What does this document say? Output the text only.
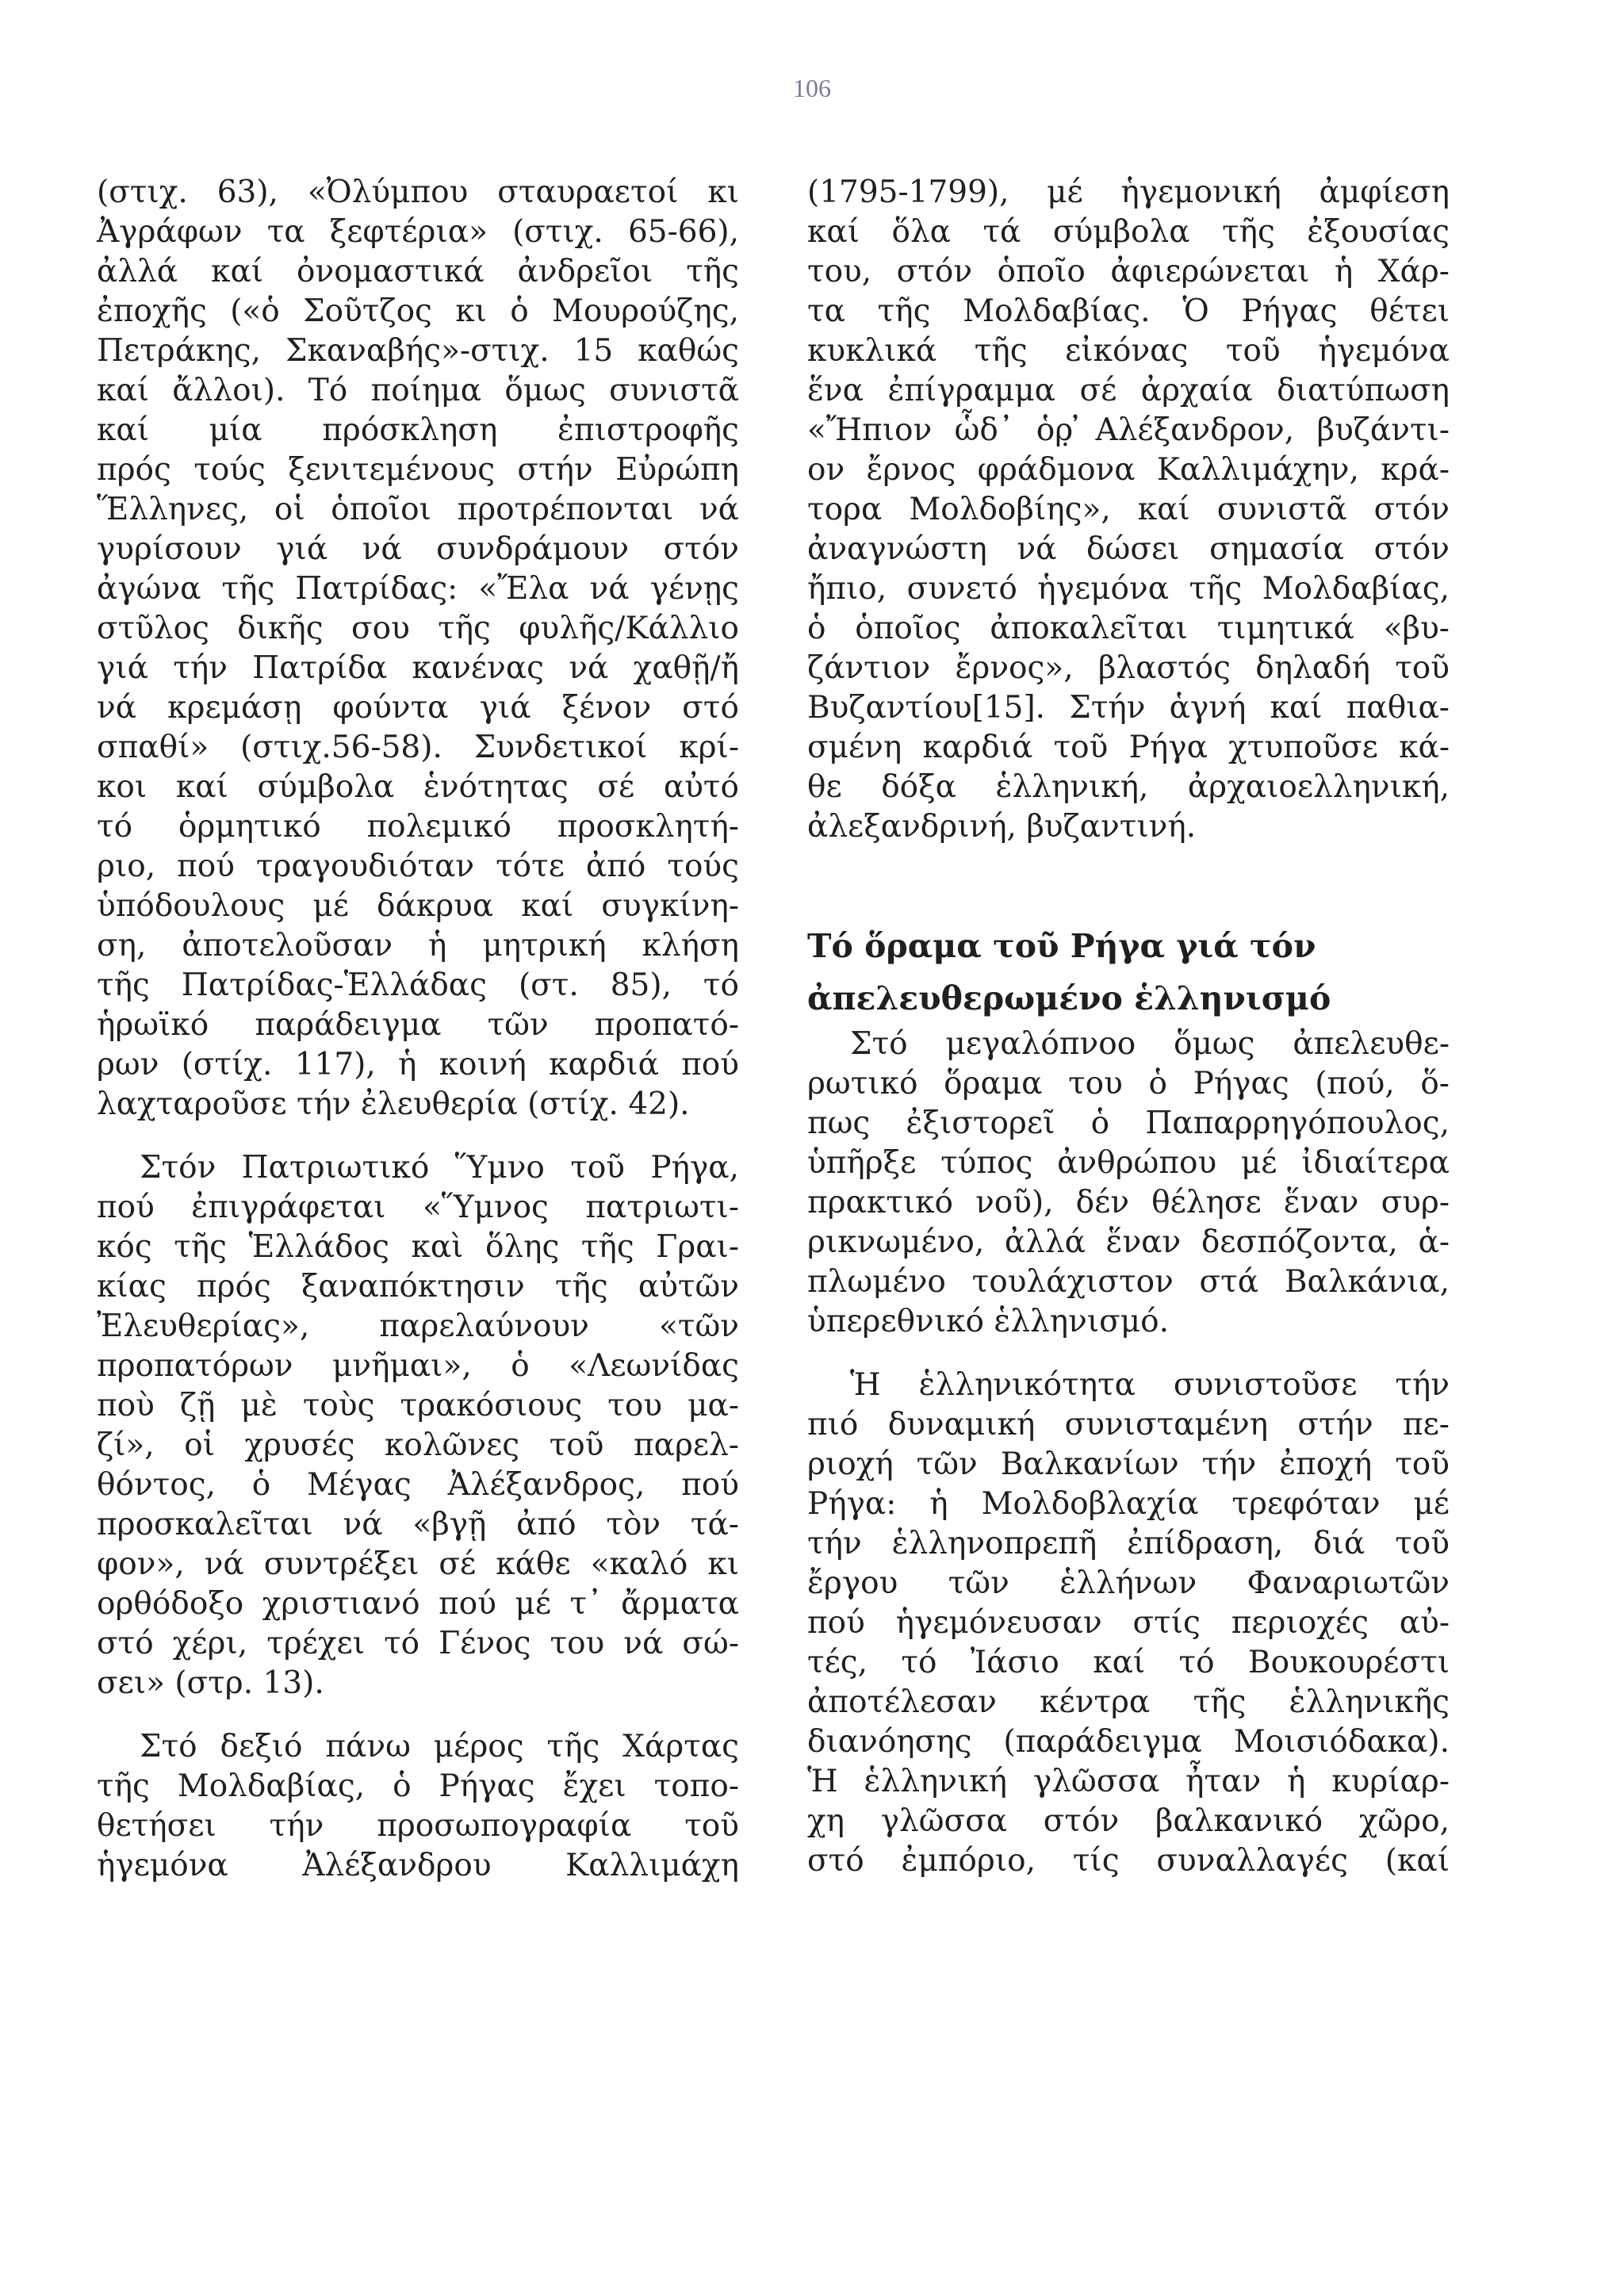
106
(στιχ. 63), «Ὀλύμπου σταυραετοί κι
Ἀγράφων τα ξεφτέρια» (στιχ. 65-66),
ἀλλά καί ὀνομαστικά ἀνδρεῖοι τῆς
ἐποχῆς («ὁ Σοῦτζος κι ὁ Μουρούζης,
Πετράκης, Σκαναβής»-στιχ. 15 καθώς
καί ἄλλοι). Τό ποίημα ὅμως συνιστᾶ
καί μία πρόσκληση ἐπιστροφῆς
πρός τούς ξενιτεμένους στήν Εὐρώπη
Ἕλληνες, οἱ ὁποῖοι προτρέπονται νά
γυρίσουν γιά νά συνδράμουν στόν
ἀγώνα τῆς Πατρίδας: «Ἔλα νά γένῃς
στῦλος δικῆς σου τῆς φυλῆς/Κάλλιο
γιά τήν Πατρίδα κανένας νά χαθῇ/ἤ
νά κρεμάσῃ φούντα γιά ξένον στό
σπαθί» (στιχ.56-58). Συνδετικοί κρί-
κοι καί σύμβολα ἑνότητας σέ αὐτό
τό ὁρμητικό πολεμικό προσκλητή-
ριο, πού τραγουδιόταν τότε ἀπό τούς
ὑπόδουλους μέ δάκρυα καί συγκίνη-
ση, ἀποτελοῦσαν ἡ μητρική κλήση
τῆς Πατρίδας-Ἑλλάδας (στ. 85), τό
ἡρωϊκό παράδειγμα τῶν προπατό-
ρων (στίχ. 117), ἡ κοινή καρδιά πού
λαχταροῦσε τήν ἐλευθερία (στίχ. 42).
Στόν Πατριωτικό Ὕμνο τοῦ Ρήγα,
πού ἐπιγράφεται «Ὕμνος πατριωτι-
κός τῆς Ἑλλάδος καὶ ὅλης τῆς Γραι-
κίας πρός ξαναπόκτησιν τῆς αὐτῶν
Ἐλευθερίας», παρελαύνουν «τῶν
προπατόρων μνῆμαι», ὁ «Λεωνίδας
ποὺ ζῇ μὲ τοὺς τρακόσιους του μα-
ζί», οἱ χρυσές κολῶνες τοῦ παρελ-
θόντος, ὁ Μέγας Ἀλέξανδρος, πού
προσκαλεῖται νά «βγῇ ἀπό τὸν τά-
φον», νά συντρέξει σέ κάθε «καλό κι
ορθόδοξο χριστιανό πού μέ τ᾽ ἄρματα
στό χέρι, τρέχει τό Γένος του νά σώ-
σει» (στρ. 13).
Στό δεξιό πάνω μέρος τῆς Χάρτας
τῆς Μολδαβίας, ὁ Ρήγας ἔχει τοπο-
θετήσει τήν προσωπογραφία τοῦ
ἡγεμόνα Ἀλέξανδρου Καλλιμάχη
(1795-1799), μέ ἡγεμονική ἀμφίεση
καί ὅλα τά σύμβολα τῆς ἐξουσίας
του, στόν ὁποῖο ἀφιερώνεται ἡ Χάρ-
τα τῆς Μολδαβίας. Ὁ Ρήγας θέτει
κυκλικά τῆς εἰκόνας τοῦ ἡγεμόνα
ἕνα ἐπίγραμμα σέ ἀρχαία διατύπωση
«Ἤπιον ὧδ᾽ ὁρ̣ ̓Αλέξανδρον, βυζάντι-
ον ἔρνος φράδμονα Καλλιμάχην, κρά-
τορα Μολδοβίης», καί συνιστᾶ στόν
ἀναγνώστη νά δώσει σημασία στόν
ἤπιο, συνετό ἡγεμόνα τῆς Μολδαβίας,
ὁ ὁποῖος ἀποκαλεῖται τιμητικά «βυ-
ζάντιον ἔρνος», βλαστός δηλαδή τοῦ
Βυζαντίου[15]. Στήν ἁγνή καί παθια-
σμένη καρδιά τοῦ Ρήγα χτυποῦσε κά-
θε δόξα ἑλληνική, ἀρχαιοελληνική,
ἀλεξανδρινή, βυζαντινή.
Τό ὅραμα τοῦ Ρήγα γιά τόν
ἀπελευθερωμένο ἑλληνισμό
Στό μεγαλόπνοο ὅμως ἀπελευθε-
ρωτικό ὅραμα του ὁ Ρήγας (πού, ὅ-
πως ἐξιστορεῖ ὁ Παπαρρηγόπουλος,
ὑπῆρξε τύπος ἀνθρώπου μέ ἰδιαίτερα
πρακτικό νοῦ), δέν θέλησε ἕναν συρ-
ρικνωμένο, ἀλλά ἕναν δεσπόζοντα, ἁ-
πλωμένο τουλάχιστον στά Βαλκάνια,
ὑπερεθνικό ἑλληνισμό.
Ἡ ἑλληνικότητα συνιστοῦσε τήν
πιό δυναμική συνισταμένη στήν πε-
ριοχή τῶν Βαλκανίων τήν ἐποχή τοῦ
Ρήγα: ἡ Μολδοβλαχία τρεφόταν μέ
τήν ἑλληνοπρεπῆ ἐπίδραση, διά τοῦ
ἔργου τῶν ἑλλήνων Φαναριωτῶν
πού ἡγεμόνευσαν στίς περιοχές αὐ-
τές, τό Ἰάσιο καί τό Βουκουρέστι
ἀποτέλεσαν κέντρα τῆς ἑλληνικῆς
διανόησης (παράδειγμα Μοισιόδακα).
Ἡ ἑλληνική γλῶσσα ἦταν ἡ κυρίαρ-
χη γλῶσσα στόν βαλκανικό χῶρο,
στό ἐμπόριο, τίς συναλλαγές (καί
